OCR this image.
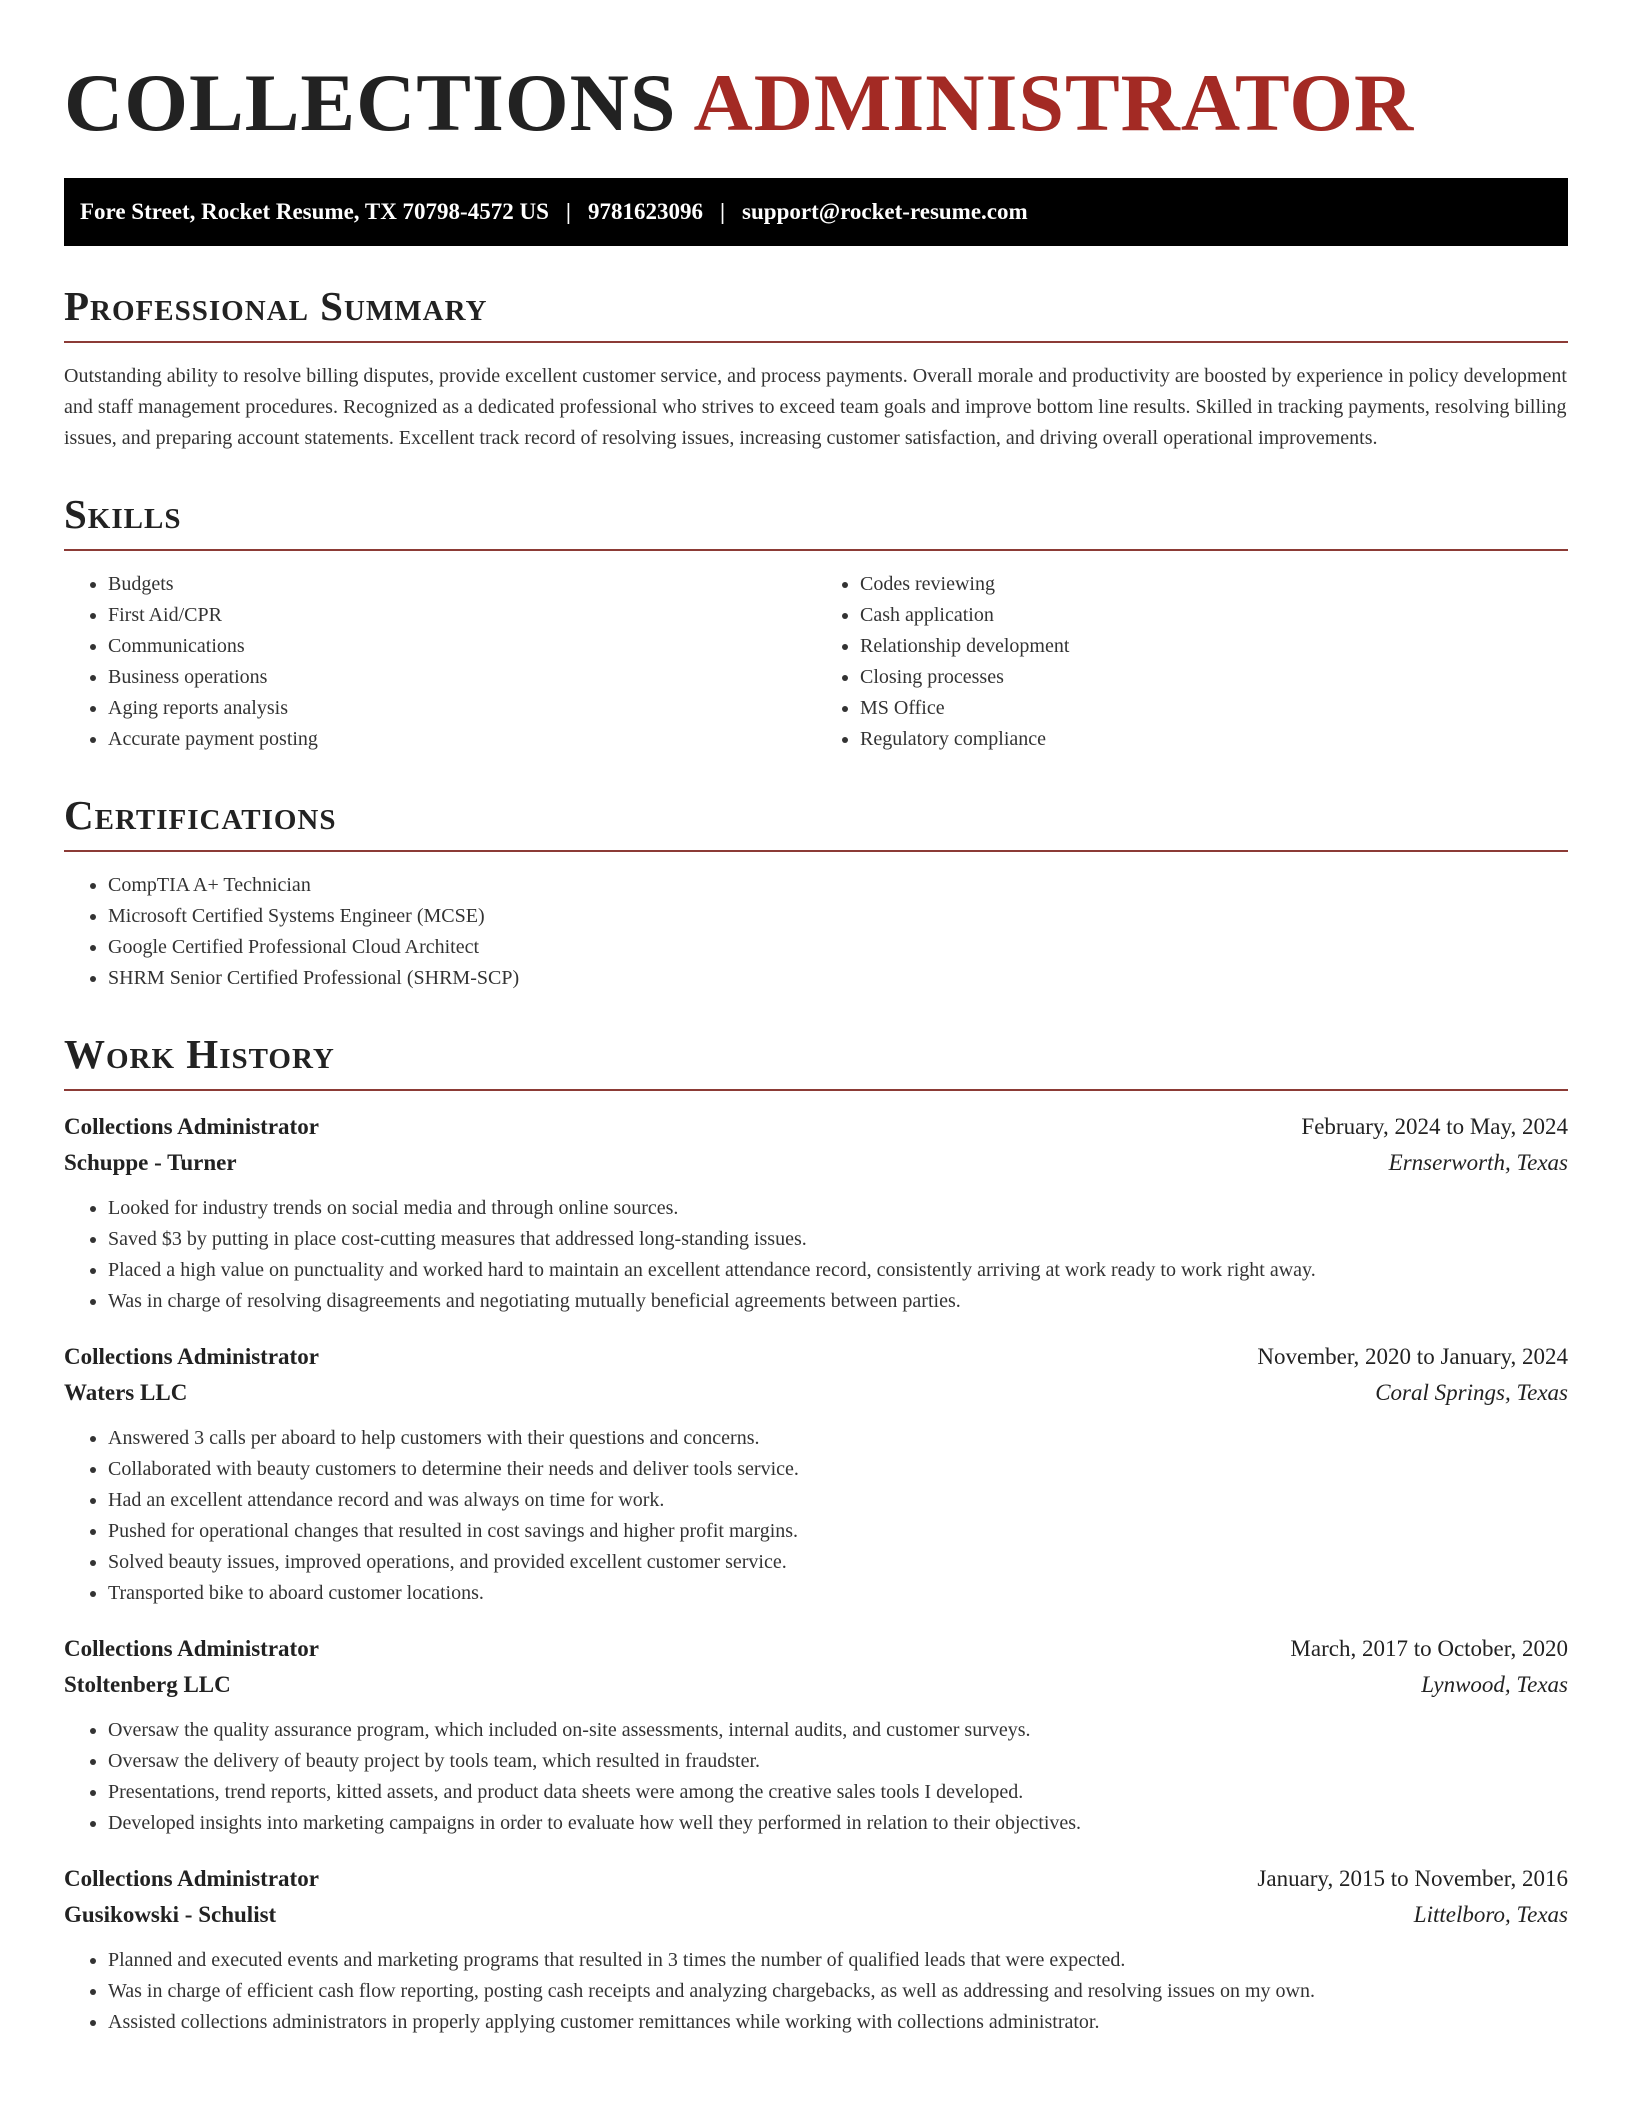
COLLECTIONS ADMINISTRATOR
Fore Street, Rocket Resume, TX 70798-4572 US | 9781623096 | support@rocket-resume.com
Professional Summary

Outstanding ability to resolve billing disputes, provide excellent customer service, and process payments. Overall morale and productivity are boosted by experience in policy development and staff management procedures. Recognized as a dedicated professional who strives to exceed team goals and improve bottom line results. Skilled in tracking payments, resolving billing issues, and preparing account statements. Excellent track record of resolving issues, increasing customer satisfaction, and driving overall operational improvements.

Skills
• Budgets
• First Aid/CPR
• Communications
• Business operations
• Aging reports analysis
• Accurate payment posting
• Codes reviewing
• Cash application
• Relationship development
• Closing processes
• MS Office
• Regulatory compliance
Certifications
• CompTIA A+ Technician
• Microsoft Certified Systems Engineer (MCSE)
• Google Certified Professional Cloud Architect
• SHRM Senior Certified Professional (SHRM-SCP)
Work History
Collections Administrator	February, 2024 to May, 2024
Schuppe - Turner	Ernserworth, Texas
• Looked for industry trends on social media and through online sources.
• Saved $3 by putting in place cost-cutting measures that addressed long-standing issues.
• Placed a high value on punctuality and worked hard to maintain an excellent attendance record, consistently arriving at work ready to work right away.
• Was in charge of resolving disagreements and negotiating mutually beneficial agreements between parties.
Collections Administrator	November, 2020 to January, 2024
Waters LLC	Coral Springs, Texas
• Answered 3 calls per aboard to help customers with their questions and concerns.
• Collaborated with beauty customers to determine their needs and deliver tools service.
• Had an excellent attendance record and was always on time for work.
• Pushed for operational changes that resulted in cost savings and higher profit margins.
• Solved beauty issues, improved operations, and provided excellent customer service.
• Transported bike to aboard customer locations.
Collections Administrator	March, 2017 to October, 2020
Stoltenberg LLC	Lynwood, Texas
• Oversaw the quality assurance program, which included on-site assessments, internal audits, and customer surveys.
• Oversaw the delivery of beauty project by tools team, which resulted in fraudster.
• Presentations, trend reports, kitted assets, and product data sheets were among the creative sales tools I developed.
• Developed insights into marketing campaigns in order to evaluate how well they performed in relation to their objectives.
Collections Administrator	January, 2015 to November, 2016
Gusikowski - Schulist	Littelboro, Texas
• Planned and executed events and marketing programs that resulted in 3 times the number of qualified leads that were expected.
• Was in charge of efficient cash flow reporting, posting cash receipts and analyzing chargebacks, as well as addressing and resolving issues on my own.
• Assisted collections administrators in properly applying customer remittances while working with collections administrator.
